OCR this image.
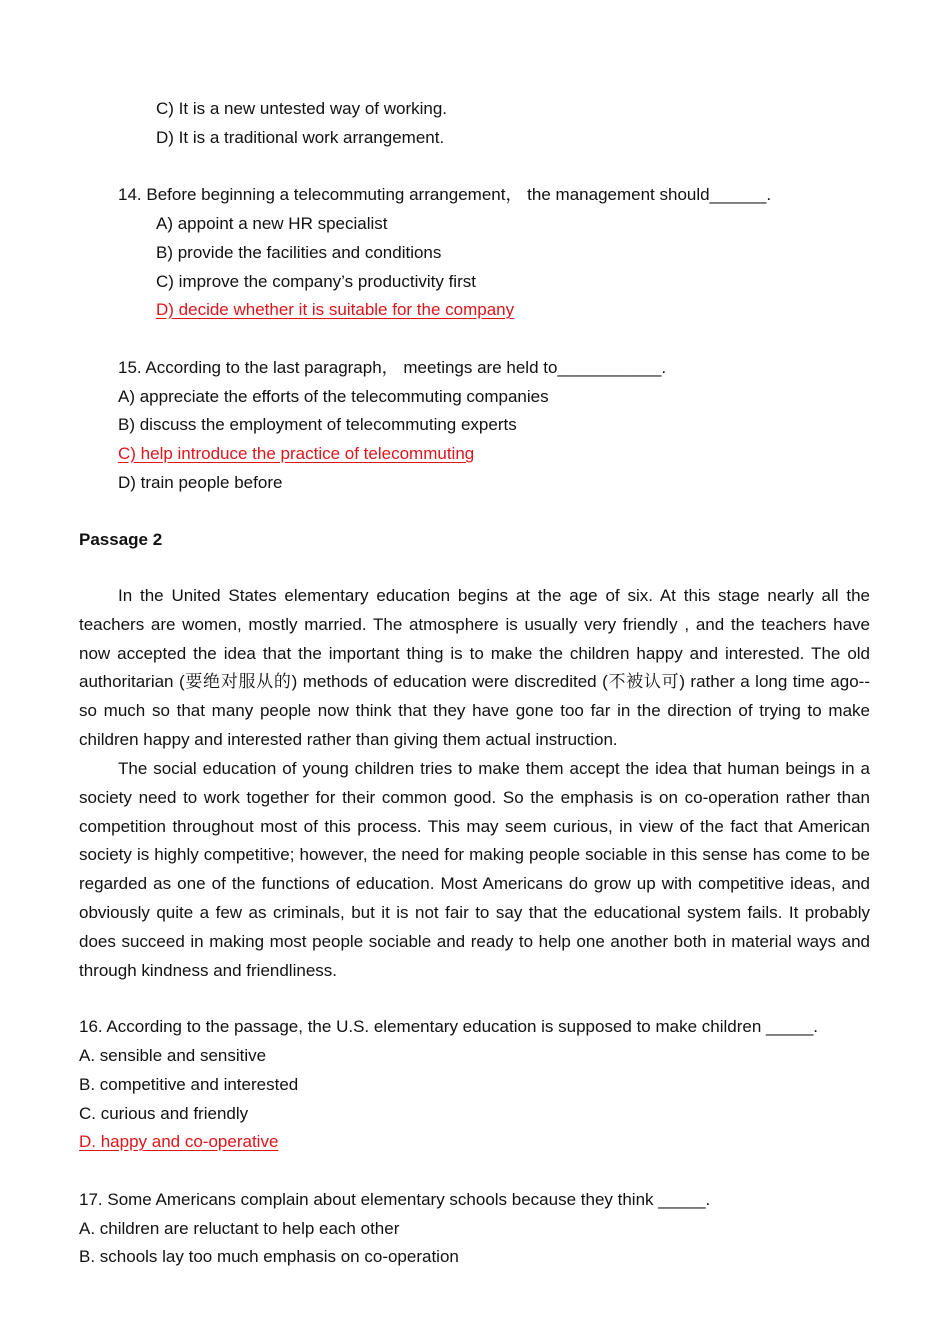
C) It is a new untested way of working.
D) It is a traditional work arrangement.
14. Before beginning a telecommuting arrangement， the management should______.
A) appoint a new HR specialist
B) provide the facilities and conditions
C) improve the company’s productivity first
D) decide whether it is suitable for the company
15. According to the last paragraph， meetings are held to___________.
A) appreciate the efforts of the telecommuting companies
B) discuss the employment of telecommuting experts
C) help introduce the practice of telecommuting
D) train people before
Passage 2
In the United States elementary education begins at the age of six. At this stage nearly all the teachers are women, mostly married. The atmosphere is usually very friendly , and the teachers have now accepted the idea that the important thing is to make the children happy and interested. The old authoritarian (要绝对服从的) methods of education were discredited (不被认可) rather a long time ago--so much so that many people now think that they have gone too far in the direction of trying to make children happy and interested rather than giving them actual instruction.
The social education of young children tries to make them accept the idea that human beings in a society need to work together for their common good. So the emphasis is on co-operation rather than competition throughout most of this process. This may seem curious, in view of the fact that American society is highly competitive; however, the need for making people sociable in this sense has come to be regarded as one of the functions of education. Most Americans do grow up with competitive ideas, and obviously quite a few as criminals, but it is not fair to say that the educational system fails. It probably does succeed in making most people sociable and ready to help one another both in material ways and through kindness and friendliness.
16. According to the passage, the U.S. elementary education is supposed to make children _____.
A. sensible and sensitive
B. competitive and interested
C. curious and friendly
D. happy and co-operative
17. Some Americans complain about elementary schools because they think _____.
A. children are reluctant to help each other
B. schools lay too much emphasis on co-operation
